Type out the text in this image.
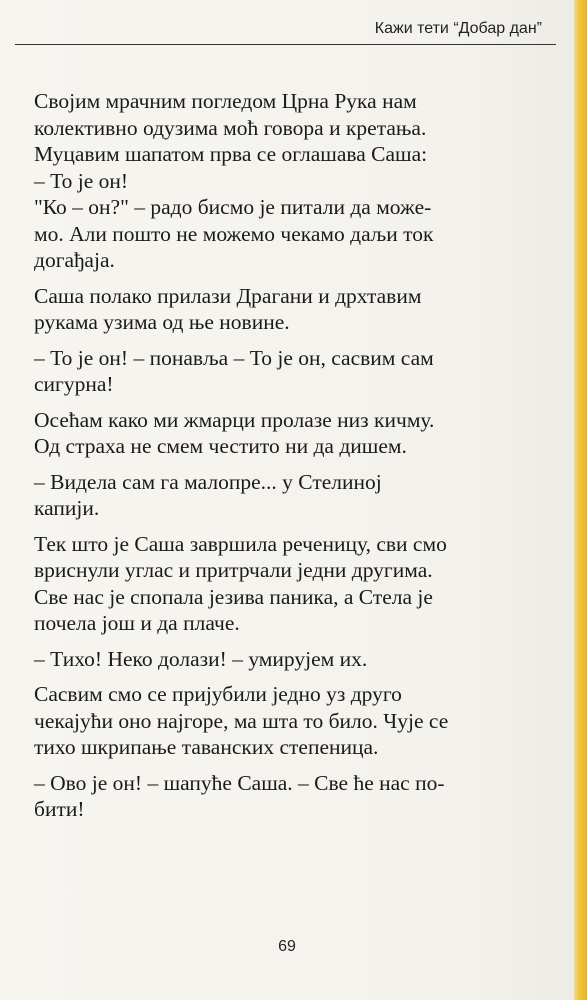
Кажи тети “Добар дан”

Својим мрачним погледом Црна Рука нам
колективно одузима моћ говора и кретања.
Муцавим шапатом прва се оглашава Саша:

– То је он!

"Ко – он?" – радо бисмо је питали да може-
мо. Али пошто не можемо чекамо даљи ток
догађаја.

Саша полако прилази Драгани и дрхтавим
рукама узима од ње новине.

– То је он! – понавља – То је он, сасвим сам
сигурна!

Осећам како ми жмарци пролазе низ кичму.
Од страха не смем честито ни да дишем.

– Видела сам га малопре... у Стелиној
капији.

Тек што је Саша завршила реченицу, сви смо
вриснули углас и притрчали једни другима.
Све нас је спопала језива паника, а Стела је
почела још и да плаче.

– Тихо! Неко долази! – умирујем их.

Сасвим смо се пријубили једно уз друго
чекајући оно најгоре, ма шта то било. Чује се
тихо шкрипање таванских степеница.

– Ово је он! – шапуће Саша. – Све ће нас по-
бити!

69
